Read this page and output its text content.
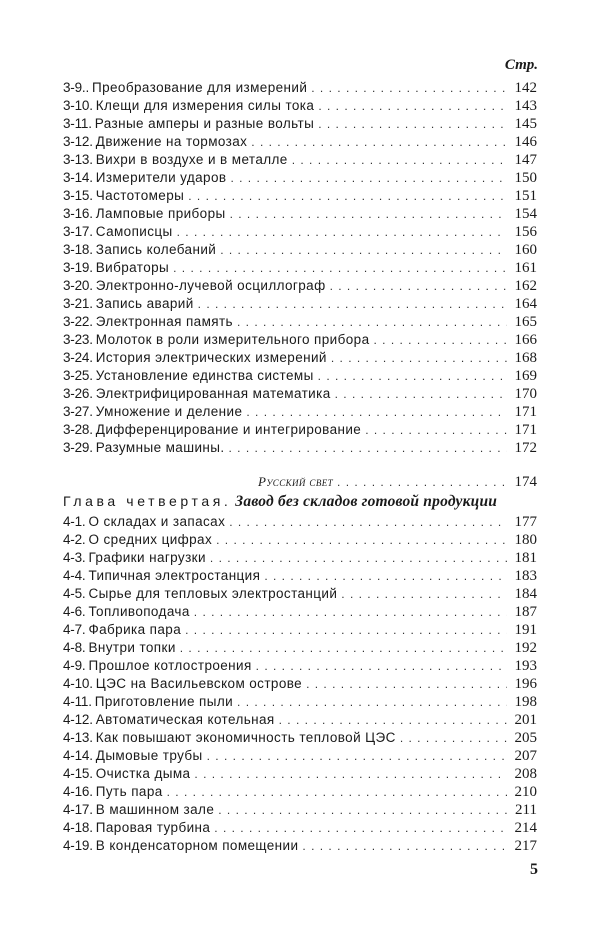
Стр.
3-9.. Преобразование для измерений . . .	142
3-10. Клещи для измерения силы тока . . .	143
3-11. Разные амперы и разные вольты . . .	145
3-12. Движение на тормозах . . .	146
3-13. Вихри в воздухе и в металле . . .	147
3-14. Измерители ударов . . .	150
3-15. Частотомеры . . .	151
3-16. Ламповые приборы . . .	154
3-17. Самописцы . . .	156
3-18. Запись колебаний . . .	160
3-19. Вибраторы . . .	161
3-20. Электронно-лучевой осциллограф . . .	162
3-21. Запись аварий . . .	164
3-22. Электронная память . . .	165
3-23. Молоток в роли измерительного прибора . . .	166
3-24. История электрических измерений . . .	168
3-25. Установление единства системы . . .	169
3-26. Электрифицированная математика . . .	170
3-27. Умножение и деление . . .	171
3-28. Дифференцирование и интегрирование . . .	171
3-29. Разумные машины. . . .	172
Русский свет . . .	174
Глава четвертая. Завод без складов готовой продукции
4-1. О складах и запасах . . .	177
4-2. О средних цифрах . . .	180
4-3. Графики нагрузки . . .	181
4-4. Типичная электростанция . . .	183
4-5. Сырье для тепловых электростанций . . .	184
4-6. Топливоподача . . .	187
4-7. Фабрика пара . . .	191
4-8. Внутри топки . . .	192
4-9. Прошлое котлостроения . . .	193
4-10. ЦЭС на Васильевском острове . . .	196
4-11. Приготовление пыли . . .	198
4-12. Автоматическая котельная . . .	201
4-13. Как повышают экономичность тепловой ЦЭС . . .	205
4-14. Дымовые трубы . . .	207
4-15. Очистка дыма . . .	208
4-16. Путь пара . . .	210
4-17. В машинном зале . . .	211
4-18. Паровая турбина . . .	214
4-19. В конденсаторном помещении . . .	217
5
